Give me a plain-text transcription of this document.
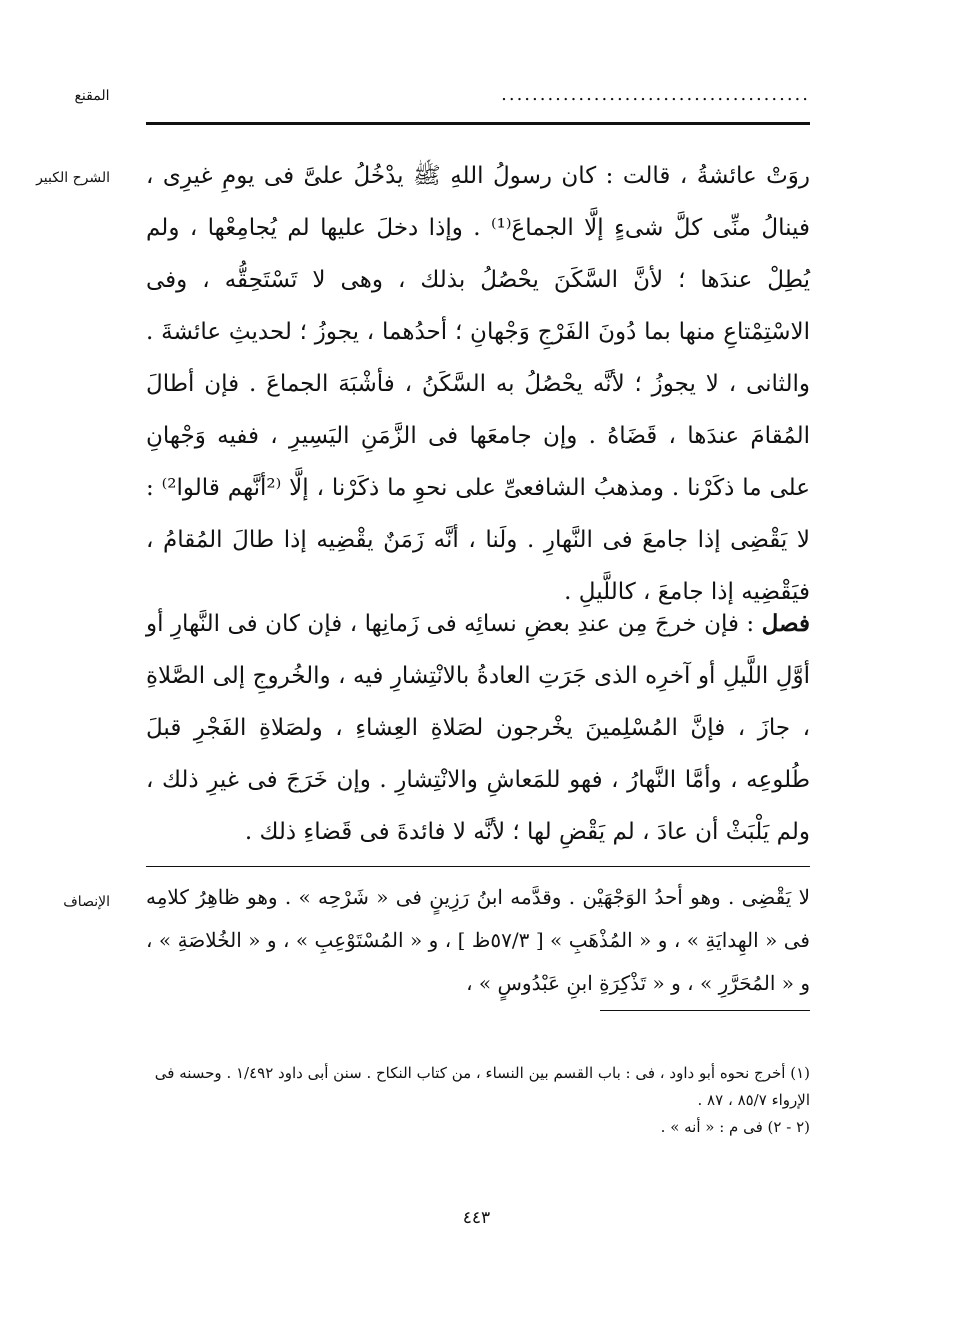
المقنع	........................................
الشرح الكبير روَتْ عائشةُ ، قالت : كان رسولُ اللهِ ﷺ يدْخُلُ علىَّ فى يومِ غيرِى ، فينالُ منِّى كلَّ شىءٍ إلَّا الجماعَ⁽¹⁾ . وإذا دخلَ عليها لم يُجامِعْها ، ولم يُطِلْ عندَها ؛ لأنَّ السَّكَنَ يحْصُلُ بذلك ، وهى لا تَسْتَحِقُّه ، وفى الاسْتِمْتاعِ منها بما دُونَ الفَرْجِ وَجْهانِ ؛ أحدُهما ، يجوزُ ؛ لحديثِ عائشةَ . والثانى ، لا يجوزُ ؛ لأنَّه يحْصُلُ به السَّكَنُ ، فأشْبَهَ الجماعَ . فإن أطالَ المُقامَ عندَها ، قَضَاهُ . وإن جامعَها فى الزَّمَنِ اليَسِيرِ ، ففيه وَجْهانِ على ما ذكَرْنا . ومذهبُ الشافعىِّ على نحوِ ما ذكَرْنا ، إلَّا ⁽²أنَّهم قالوا²⁾ : لا يَقْضِى إذا جامعَ فى النَّهارِ . ولَنا ، أنَّه زَمَنٌ يقْضِيه إذا طالَ المُقامُ ، فيَقْضِيه إذا جامعَ ، كاللَّيلِ .
فصل : فإن خرجَ مِن عندِ بعضِ نسائِه فى زَمانِها ، فإن كان فى النَّهارِ أو أوَّلِ اللَّيلِ أو آخرِه الذى جَرَتِ العادةُ بالانْتِشارِ فيه ، والخُروجِ إلى الصَّلاةِ ، جازَ ، فإنَّ المُسْلِمينَ يخْرجون لصَلاةِ العِشاءِ ، ولصَلاةِ الفَجْرِ قبلَ طُلوعِه ، وأمَّا النَّهارُ ، فهو للمَعاشِ والانْتِشارِ . وإن خَرَجَ فى غيرِ ذلك ، ولم يَلْبَثْ أن عادَ ، لم يَقْضِ لها ؛ لأنَّه لا فائدةَ فى قَضاءِ ذلك .
الإنصاف لا يَقْضِى . وهو أحدُ الوَجْهَيْن . وقدَّمه ابنُ رَزِينٍ فى « شَرْحِه » . وهو ظاهِرُ كلامِه فى « الهِدايَةِ » ، و « المُذْهَبِ » [ ٥٧/٣ظ ] ، و « المُسْتَوْعِبِ » ، و « الخُلاصَةِ » ، و « المُحَرَّرِ » ، و « تَذْكِرَةِ ابنِ عَبْدُوسٍ » ،

(١) أخرج نحوه أبو داود ، فى : باب القسم بين النساء ، من كتاب النكاح . سنن أبى داود ١/٤٩٢ . وحسنه فى الإرواء ٨٥/٧ ، ٨٧ .

(٢ - ٢) فى م : « أنه » .

٤٤٣
